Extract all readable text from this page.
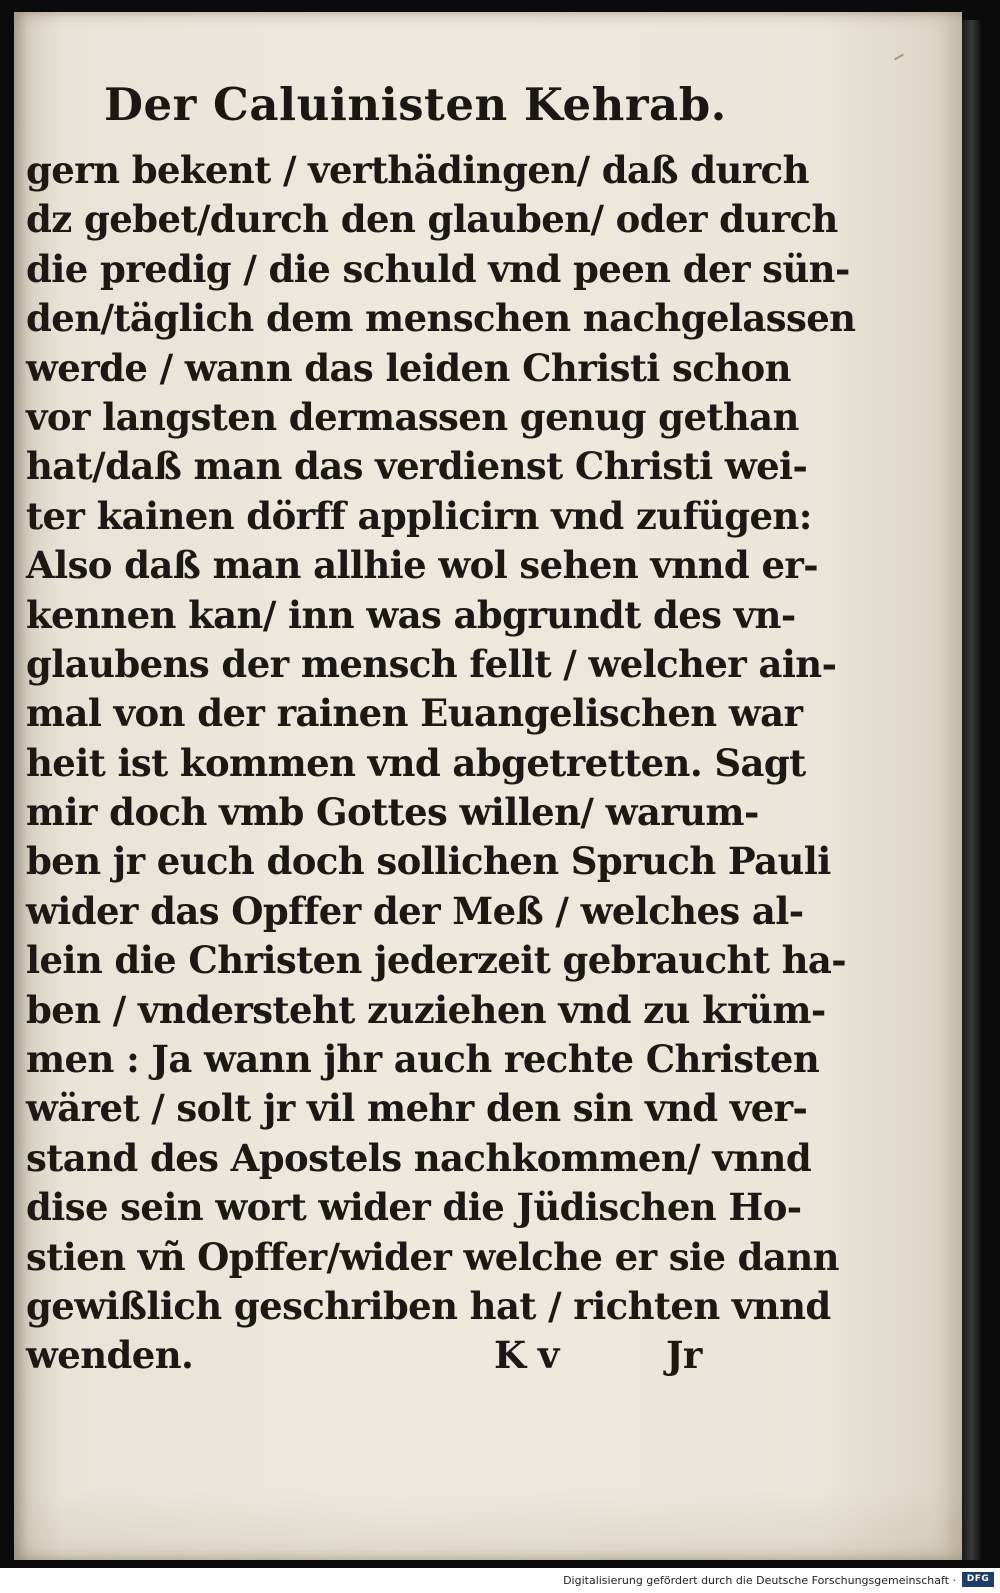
Der Caluinisten Kehrab.
gern bekent / verthädingen/ daß durch
dz gebet/durch den glauben/ oder durch
die predig / die schuld vnd peen der sün-
den/täglich dem menschen nachgelassen
werde / wann das leiden Christi schon
vor langsten dermassen genug gethan
hat/daß man das verdienst Christi wei-
ter kainen dörff applicirn vnd zufügen:
Also daß man allhie wol sehen vnnd er-
kennen kan/ inn was abgrundt des vn-
glaubens der mensch fellt / welcher ain-
mal von der rainen Euangelischen war
heit ist kommen vnd abgetretten. Sagt
mir doch vmb Gottes willen/ warum-
ben jr euch doch sollichen Spruch Pauli
wider das Opffer der Meß / welches al-
lein die Christen jederzeit gebraucht ha-
ben / vndersteht zuziehen vnd zu krüm-
men : Ja wann jhr auch rechte Christen
wäret / solt jr vil mehr den sin vnd ver-
stand des Apostels nachkommen/ vnnd
dise sein wort wider die Jüdischen Ho-
stien vñ Opffer/wider welche er sie dann
gewißlich geschriben hat / richten vnnd
wenden.	K v	Jr
Digitalisierung gefördert durch die Deutsche Forschungsgemeinschaft ·	DFG
